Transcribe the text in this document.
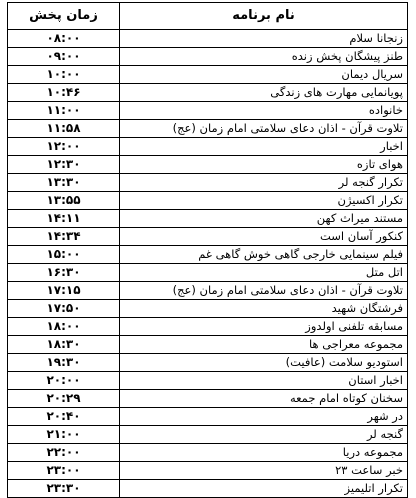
نام برنامه	زمان پخش
زنجانا سلام	۰۸:۰۰
طنز پیشگان پخش زنده	۰۹:۰۰
سریال دیمان	۱۰:۰۰
پویانمایی مهارت های زندگی	۱۰:۴۶
خانواده	۱۱:۰۰
تلاوت قرآن - اذان دعای سلامتی امام زمان (عج)	۱۱:۵۸
اخبار	۱۲:۰۰
هوای تازه	۱۲:۳۰
تکرار گنجه لر	۱۳:۳۰
تکرار اکسیژن	۱۳:۵۵
مستند میراث کهن	۱۴:۱۱
کنکور آسان است	۱۴:۳۴
فیلم سینمایی خارجی گاهی خوش گاهی غم	۱۵:۰۰
اتل متل	۱۶:۳۰
تلاوت قرآن - اذان دعای سلامتی امام زمان (عج)	۱۷:۱۵
فرشتگان شهید	۱۷:۵۰
مسابقه تلفنی اولدوز	۱۸:۰۰
مجموعه معراجی ها	۱۸:۳۰
استودیو سلامت (عافیت)	۱۹:۳۰
اخبار استان	۲۰:۰۰
سخنان کوتاه امام جمعه	۲۰:۲۹
در شهر	۲۰:۴۰
گنجه لر	۲۱:۰۰
مجموعه دریا	۲۲:۰۰
خبر ساعت ۲۳	۲۳:۰۰
تکرار اتلیمیز	۲۳:۳۰
